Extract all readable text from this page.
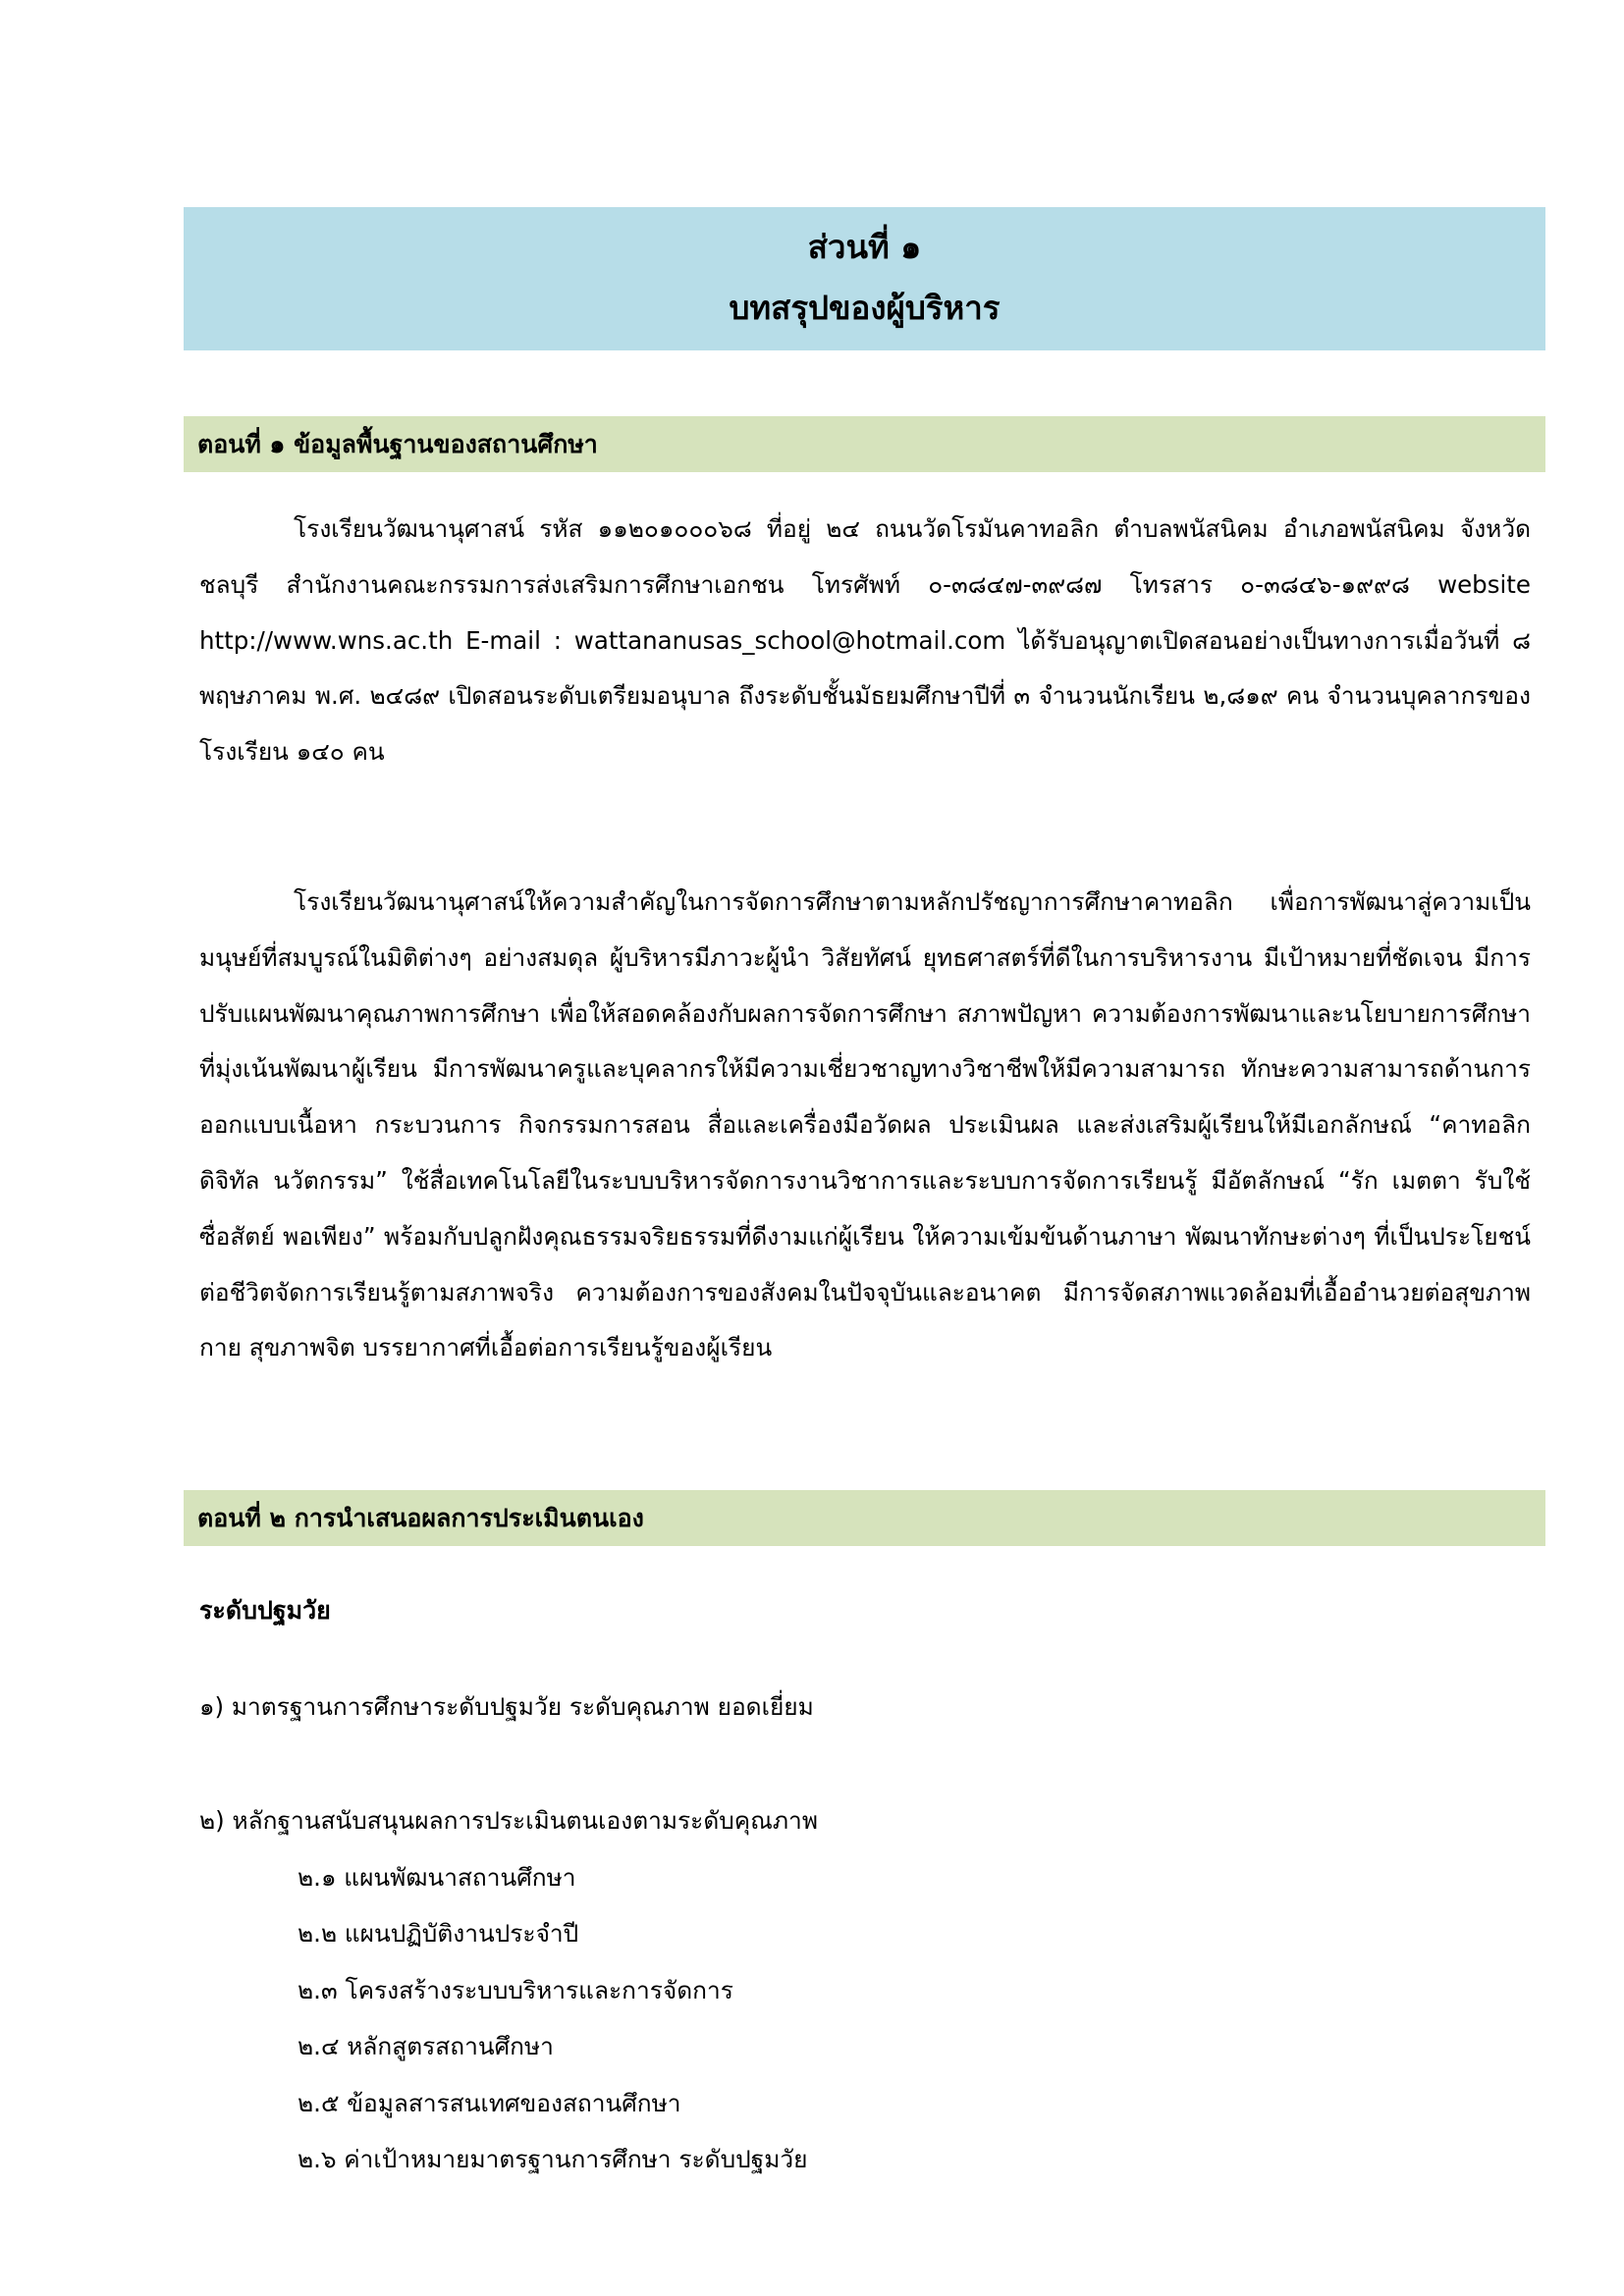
ส่วนที่ ๑
บทสรุปของผู้บริหาร
ตอนที่ ๑ ข้อมูลพื้นฐานของสถานศึกษา
โรงเรียนวัฒนานุศาสน์ รหัส ๑๑๒๐๑๐๐๐๖๘ ที่อยู่ ๒๔ ถนนวัดโรมันคาทอลิก ตำบลพนัสนิคม อำเภอพนัสนิคม จังหวัดชลบุรี สำนักงานคณะกรรมการส่งเสริมการศึกษาเอกชน โทรศัพท์ ๐-๓๘๔๗-๓๙๘๗ โทรสาร ๐-๓๘๔๖-๑๙๙๘ website http://www.wns.ac.th E-mail : wattananusas_school@hotmail.com ได้รับอนุญาตเปิดสอนอย่างเป็นทางการเมื่อวันที่ ๘ พฤษภาคม พ.ศ. ๒๔๘๙ เปิดสอนระดับเตรียมอนุบาล ถึงระดับชั้นมัธยมศึกษาปีที่ ๓ จำนวนนักเรียน ๒,๘๑๙ คน จำนวนบุคลากรของโรงเรียน ๑๔๐ คน
โรงเรียนวัฒนานุศาสน์ให้ความสำคัญในการจัดการศึกษาตามหลักปรัชญาการศึกษาคาทอลิก เพื่อการพัฒนาสู่ความเป็นมนุษย์ที่สมบูรณ์ในมิติต่างๆ อย่างสมดุล ผู้บริหารมีภาวะผู้นำ วิสัยทัศน์ ยุทธศาสตร์ที่ดีในการบริหารงาน มีเป้าหมายที่ชัดเจน มีการปรับแผนพัฒนาคุณภาพการศึกษา เพื่อให้สอดคล้องกับผลการจัดการศึกษา สภาพปัญหา ความต้องการพัฒนาและนโยบายการศึกษาที่มุ่งเน้นพัฒนาผู้เรียน มีการพัฒนาครูและบุคลากรให้มีความเชี่ยวชาญทางวิชาชีพให้มีความสามารถ ทักษะความสามารถด้านการออกแบบเนื้อหา กระบวนการ กิจกรรมการสอน สื่อและเครื่องมือวัดผล ประเมินผล และส่งเสริมผู้เรียนให้มีเอกลักษณ์ “คาทอลิก ดิจิทัล นวัตกรรม” ใช้สื่อเทคโนโลยีในระบบบริหารจัดการงานวิชาการและระบบการจัดการเรียนรู้ มีอัตลักษณ์ “รัก เมตตา รับใช้ ซื่อสัตย์ พอเพียง” พร้อมกับปลูกฝังคุณธรรมจริยธรรมที่ดีงามแก่ผู้เรียน ให้ความเข้มข้นด้านภาษา พัฒนาทักษะต่างๆ ที่เป็นประโยชน์ต่อชีวิตจัดการเรียนรู้ตามสภาพจริง ความต้องการของสังคมในปัจจุบันและอนาคต มีการจัดสภาพแวดล้อมที่เอื้ออำนวยต่อสุขภาพกาย สุขภาพจิต บรรยากาศที่เอื้อต่อการเรียนรู้ของผู้เรียน
ตอนที่ ๒ การนำเสนอผลการประเมินตนเอง
ระดับปฐมวัย
๑) มาตรฐานการศึกษาระดับปฐมวัย ระดับคุณภาพ ยอดเยี่ยม
๒) หลักฐานสนับสนุนผลการประเมินตนเองตามระดับคุณภาพ
๒.๑ แผนพัฒนาสถานศึกษา
๒.๒ แผนปฏิบัติงานประจำปี
๒.๓ โครงสร้างระบบบริหารและการจัดการ
๒.๔ หลักสูตรสถานศึกษา
๒.๕ ข้อมูลสารสนเทศของสถานศึกษา
๒.๖ ค่าเป้าหมายมาตรฐานการศึกษา ระดับปฐมวัย
